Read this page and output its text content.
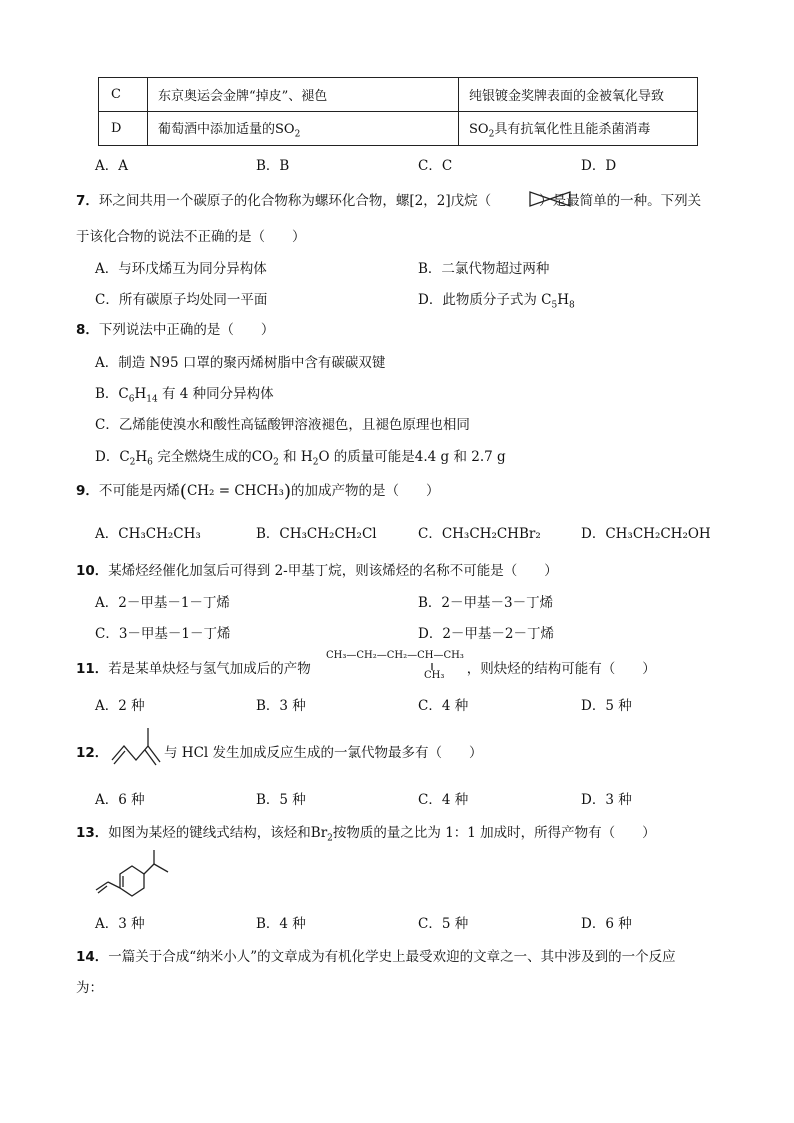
C	东京奥运会金牌“掉皮”、褪色	纯银镀金奖牌表面的金被氧化导致
D	葡萄酒中添加适量的$SO_2$	$SO_2$具有抗氧化性且能杀菌消毒
A．A	B．B	C．C	D．D
7．环之间共用一个碳原子的化合物称为螺环化合物，螺[2，2]戊烷（	）是最简单的一种。下列关
于该化合物的说法不正确的是（　　）
A．与环戊烯互为同分异构体	B．二氯代物超过两种
C．所有碳原子均处同一平面	D．此物质分子式为 $C_5H_8$
8．下列说法中正确的是（　　）
A．制造 N95 口罩的聚丙烯树脂中含有碳碳双键
B．$C_6H_{14}$ 有 4 种同分异构体
C．乙烯能使溴水和酸性高锰酸钾溶液褪色，且褪色原理也相同
D．$C_2H_6$ 完全燃烧生成的$CO_2$ 和 $H_2O$ 的质量可能是4.4 g 和 2.7 g
9．不可能是丙烯(CH₂ = CHCH₃)的加成产物的是（　　）
A．CH₃CH₂CH₃	B．CH₃CH₂CH₂Cl	C．CH₃CH₂CHBr₂	D．CH₃CH₂CH₂OH
10．某烯烃经催化加氢后可得到 2-甲基丁烷，则该烯烃的名称不可能是（　　）
A．2－甲基－1－丁烯	B．2－甲基－3－丁烯
C．3－甲基－1－丁烯	D．2－甲基－2－丁烯
11．若是某单炔烃与氢气加成后的产物	，则炔烃的结构可能有（　　）
CH₃—CH₂—CH₂—CH—CH₃
CH₃
A．2 种	B．3 种	C．4 种	D．5 种
12．	与 HCl 发生加成反应生成的一氯代物最多有（　　）
A．6 种	B．5 种	C．4 种	D．3 种
13．如图为某烃的键线式结构，该烃和$Br_2$按物质的量之比为 1：1 加成时，所得产物有（　　）
A．3 种	B．4 种	C．5 种	D．6 种
14．一篇关于合成“纳米小人”的文章成为有机化学史上最受欢迎的文章之一、其中涉及到的一个反应
为：
